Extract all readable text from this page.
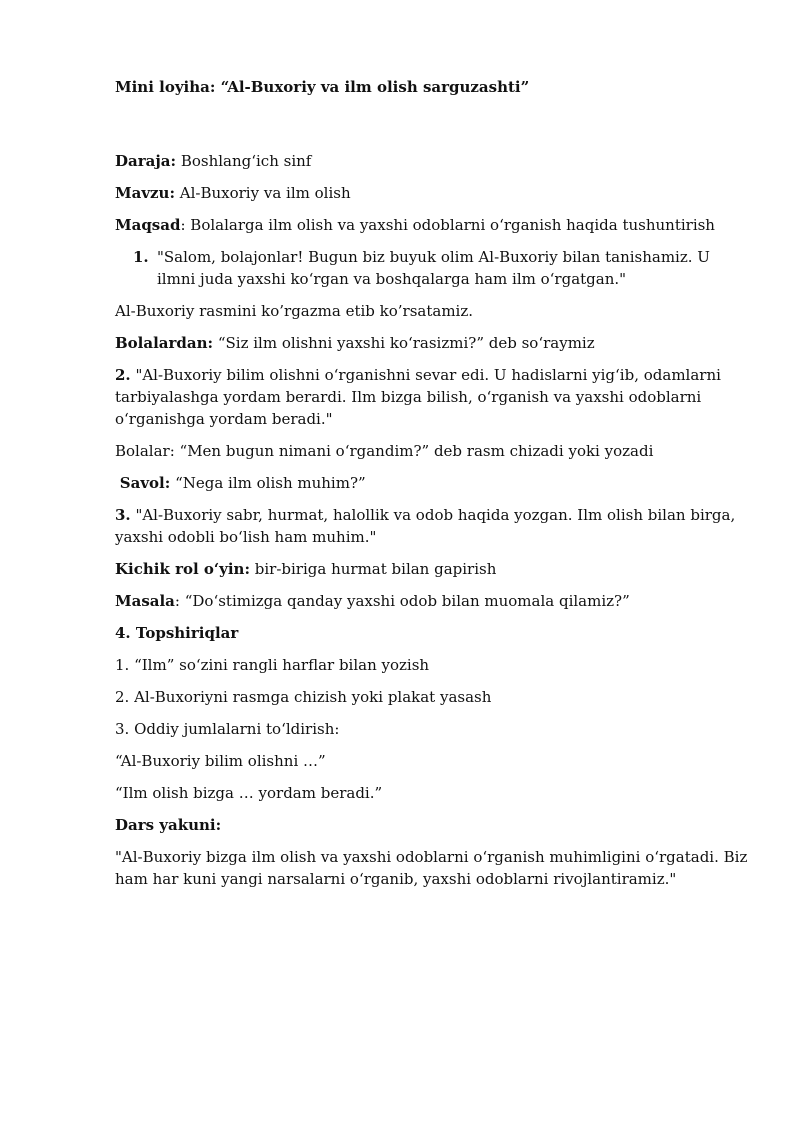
Mini loyiha: “Al-Buxoriy va ilm olish sarguzashti”

Daraja: Boshlang‘ich sinf

Mavzu: Al-Buxoriy va ilm olish

Maqsad: Bolalarga ilm olish va yaxshi odoblarni o‘rganish haqida tushuntirish

1. "Salom, bolajonlar! Bugun biz buyuk olim Al-Buxoriy bilan tanishamiz. U ilmni juda yaxshi ko‘rgan va boshqalarga ham ilm o‘rgatgan."

Al-Buxoriy rasmini ko’rgazma etib ko’rsatamiz.

Bolalardan: “Siz ilm olishni yaxshi ko‘rasizmi?” deb so‘raymiz

2. "Al-Buxoriy bilim olishni o‘rganishni sevar edi. U hadislarni yig‘ib, odamlarni tarbiyalashga yordam berardi. Ilm bizga bilish, o‘rganish va yaxshi odoblarni o‘rganishga yordam beradi."

Bolalar: “Men bugun nimani o‘rgandim?” deb rasm chizadi yoki yozadi

Savol: “Nega ilm olish muhim?”

3. "Al-Buxoriy sabr, hurmat, halollik va odob haqida yozgan. Ilm olish bilan birga, yaxshi odobli bo‘lish ham muhim."

Kichik rol o‘yin: bir-biriga hurmat bilan gapirish

Masala: “Do‘stimizga qanday yaxshi odob bilan muomala qilamiz?”

4. Topshiriqlar

1. “Ilm” so‘zini rangli harflar bilan yozish

2. Al-Buxoriyni rasmga chizish yoki plakat yasash

3. Oddiy jumlalarni to‘ldirish:

“Al-Buxoriy bilim olishni …”

“Ilm olish bizga … yordam beradi.”

Dars yakuni:

"Al-Buxoriy bizga ilm olish va yaxshi odoblarni o‘rganish muhimligini o‘rgatadi. Biz ham har kuni yangi narsalarni o‘rganib, yaxshi odoblarni rivojlantiramiz."
